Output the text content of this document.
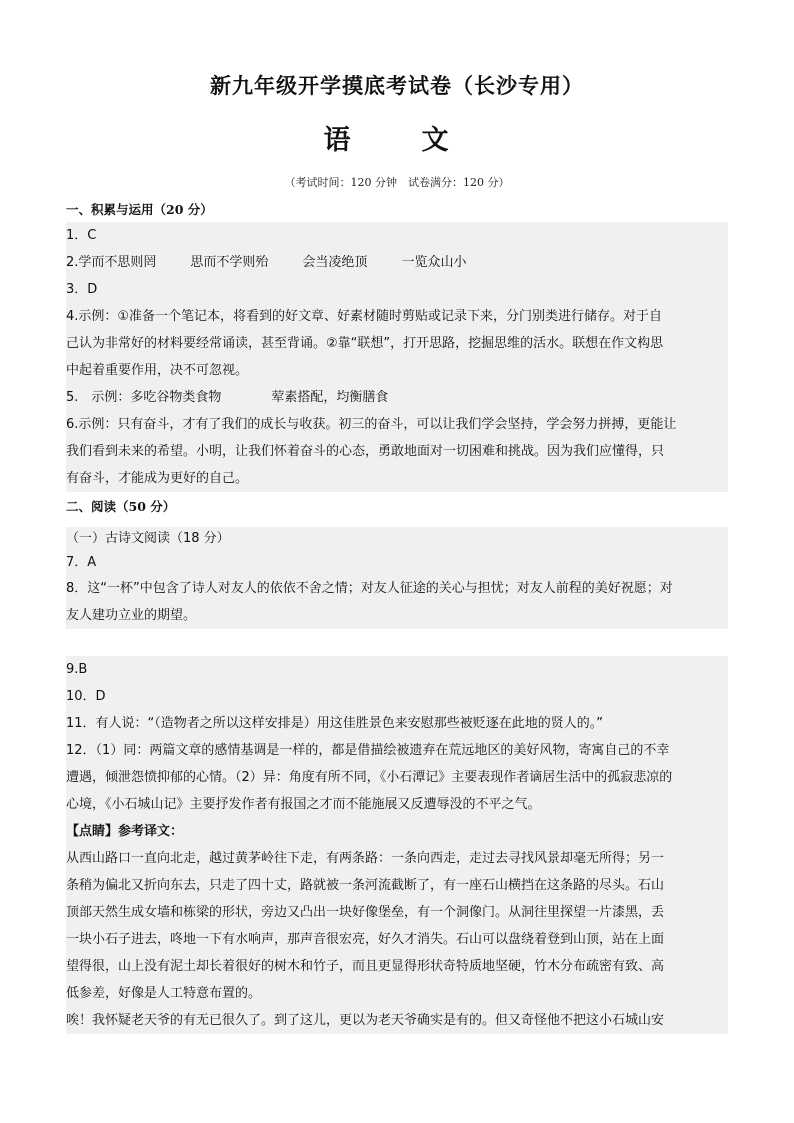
新九年级开学摸底考试卷（长沙专用）
语　文
（考试时间：120 分钟　试卷满分：120 分）
一、积累与运用（20 分）
1．C
2.学而不思则罔	思而不学则殆	会当凌绝顶	一览众山小
3．D
4.示例：①准备一个笔记本，将看到的好文章、好素材随时剪贴或记录下来，分门别类进行储存。对于自
己认为非常好的材料要经常诵读，甚至背诵。②靠“联想”，打开思路，挖掘思维的活水。联想在作文构思
中起着重要作用，决不可忽视。
5.　示例：多吃谷物类食物	荤素搭配，均衡膳食
6.示例：只有奋斗，才有了我们的成长与收获。初三的奋斗，可以让我们学会坚持，学会努力拼搏，更能让
我们看到未来的希望。小明，让我们怀着奋斗的心态，勇敢地面对一切困难和挑战。因为我们应懂得，只
有奋斗，才能成为更好的自己。
二、阅读（50 分）
（一）古诗文阅读（18 分）
7．A
8．这“一杯”中包含了诗人对友人的依依不舍之情；对友人征途的关心与担忧；对友人前程的美好祝愿；对
友人建功立业的期望。
9.B
10．D
11．有人说：“（造物者之所以这样安排是）用这佳胜景色来安慰那些被贬逐在此地的贤人的。”
12．（1）同：两篇文章的感情基调是一样的，都是借描绘被遗弃在荒远地区的美好风物，寄寓自己的不幸
遭遇，倾泄怨愤抑郁的心情。（2）异：角度有所不同，《小石潭记》主要表现作者谪居生活中的孤寂悲凉的
心境，《小石城山记》主要抒发作者有报国之才而不能施展又反遭辱没的不平之气。
【点睛】参考译文：
从西山路口一直向北走，越过黄茅岭往下走，有两条路：一条向西走，走过去寻找风景却毫无所得；另一
条稍为偏北又折向东去，只走了四十丈，路就被一条河流截断了，有一座石山横挡在这条路的尽头。石山
顶部天然生成女墙和栋梁的形状，旁边又凸出一块好像堡垒，有一个洞像门。从洞往里探望一片漆黑，丢
一块小石子进去，咚地一下有水响声，那声音很宏亮，好久才消失。石山可以盘绕着登到山顶，站在上面
望得很，山上没有泥土却长着很好的树木和竹子，而且更显得形状奇特质地坚硬，竹木分布疏密有致、高
低参差，好像是人工特意布置的。
唉！我怀疑老天爷的有无已很久了。到了这儿，更以为老天爷确实是有的。但又奇怪他不把这小石城山安
